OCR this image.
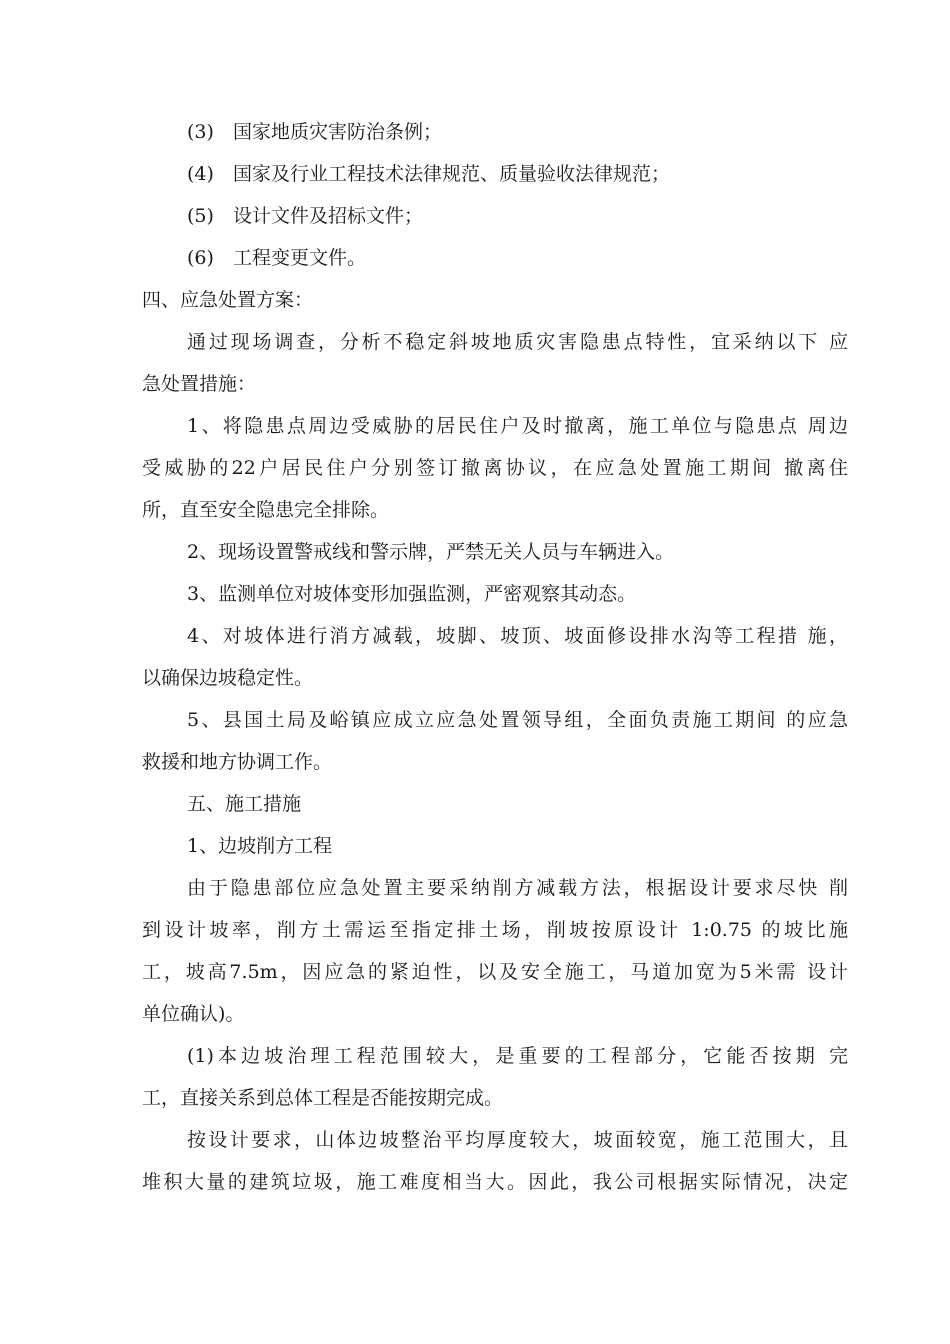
(3) 国家地质灾害防治条例；
(4) 国家及行业工程技术法律规范、质量验收法律规范；
(5) 设计文件及招标文件；
(6) 工程变更文件。
四、应急处置方案：
通过现场调查，分析不稳定斜坡地质灾害隐患点特性，宜采纳以下 应
急处置措施：
1、将隐患点周边受威胁的居民住户及时撤离，施工单位与隐患点 周边
受威胁的22户居民住户分别签订撤离协议，在应急处置施工期间 撤离住
所，直至安全隐患完全排除。
2、现场设置警戒线和警示牌，严禁无关人员与车辆进入。
3、监测单位对坡体变形加强监测，严密观察其动态。
4、对坡体进行消方减载，坡脚、坡顶、坡面修设排水沟等工程措 施，
以确保边坡稳定性。
5、县国土局及峪镇应成立应急处置领导组，全面负责施工期间 的应急
救援和地方协调工作。
五、施工措施
1、边坡削方工程
由于隐患部位应急处置主要采纳削方减载方法，根据设计要求尽快 削
到设计坡率，削方土需运至指定排土场，削坡按原设计 1:0.75 的坡比施
工，坡高7.5m，因应急的紧迫性，以及安全施工，马道加宽为5米需 设计
单位确认)。
(1)本边坡治理工程范围较大，是重要的工程部分，它能否按期 完
工，直接关系到总体工程是否能按期完成。
按设计要求，山体边坡整治平均厚度较大，坡面较宽，施工范围大，且
堆积大量的建筑垃圾，施工难度相当大。因此，我公司根据实际情况，决定
